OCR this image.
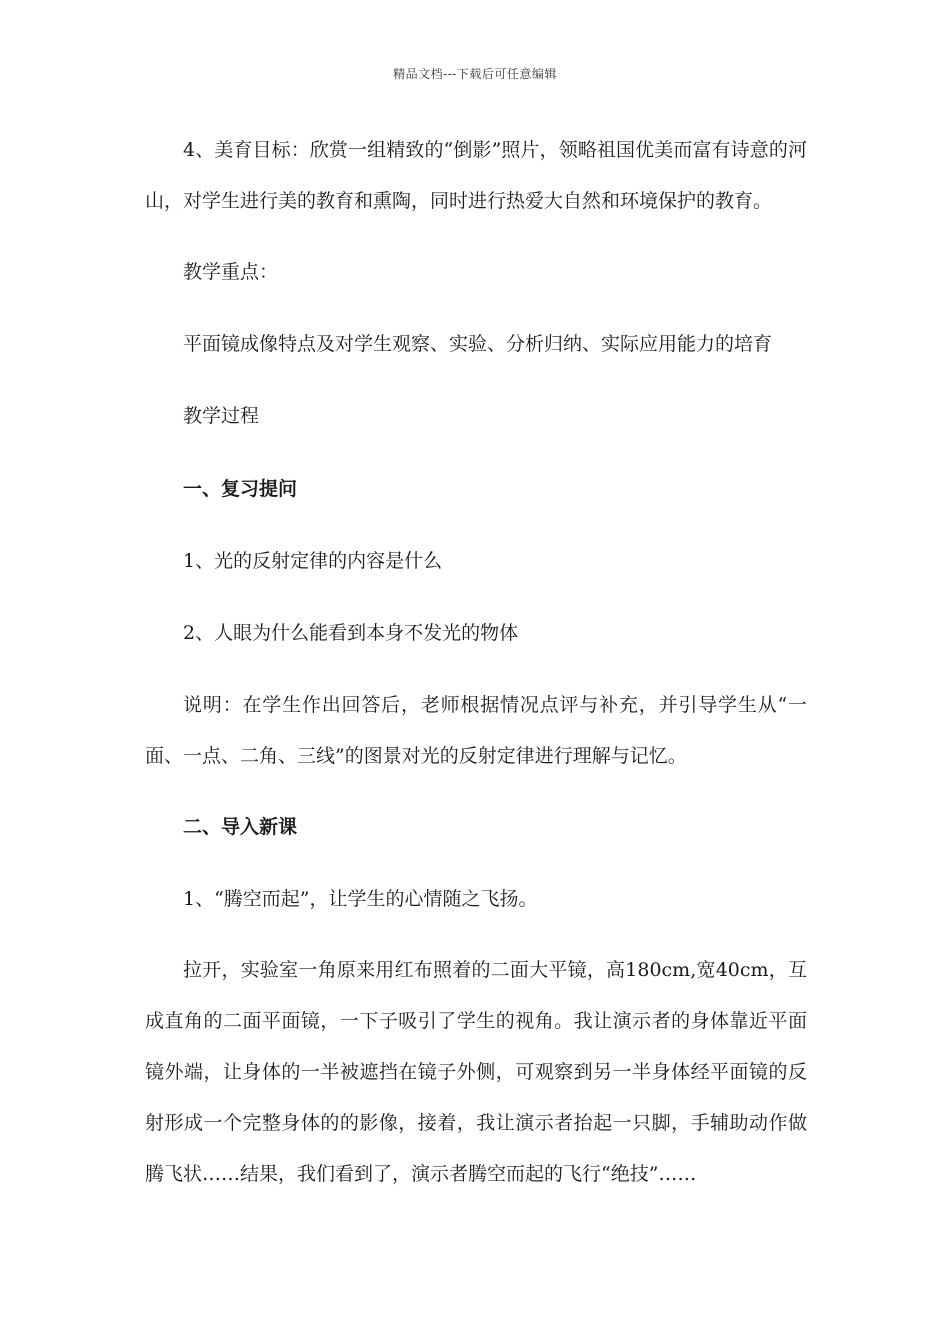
精品文档---下载后可任意编辑

4、美育目标：欣赏一组精致的“倒影”照片，领略祖国优美而富有诗意的河山，对学生进行美的教育和熏陶，同时进行热爱大自然和环境保护的教育。

教学重点：

平面镜成像特点及对学生观察、实验、分析归纳、实际应用能力的培育

教学过程

一、复习提问

1、光的反射定律的内容是什么

2、人眼为什么能看到本身不发光的物体

说明：在学生作出回答后，老师根据情况点评与补充，并引导学生从“一面、一点、二角、三线”的图景对光的反射定律进行理解与记忆。

二、导入新课

1、“腾空而起”，让学生的心情随之飞扬。

拉开，实验室一角原来用红布照着的二面大平镜，高180cm,宽40cm，互成直角的二面平面镜，一下子吸引了学生的视角。我让演示者的身体靠近平面镜外端，让身体的一半被遮挡在镜子外侧，可观察到另一半身体经平面镜的反射形成一个完整身体的的影像，接着，我让演示者抬起一只脚，手辅助动作做腾飞状……结果，我们看到了，演示者腾空而起的飞行“绝技”……
